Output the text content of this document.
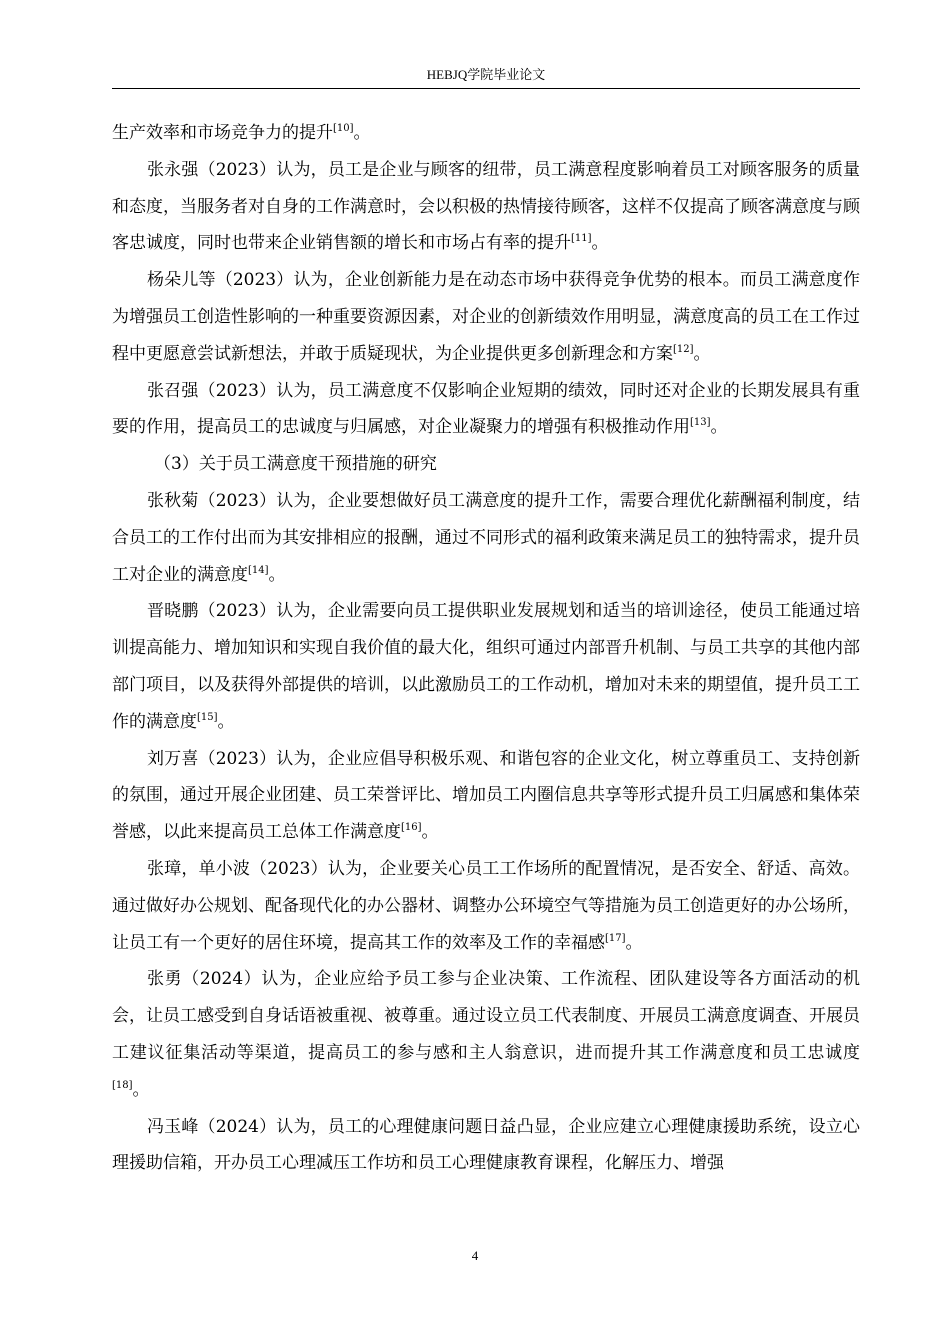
HEBJQ学院毕业论文

生产效率和市场竞争力的提升[10]。

张永强（2023）认为，员工是企业与顾客的纽带，员工满意程度影响着员工对顾客服务的质量和态度，当服务者对自身的工作满意时，会以积极的热情接待顾客，这样不仅提高了顾客满意度与顾客忠诚度，同时也带来企业销售额的增长和市场占有率的提升[11]。

杨朵儿等（2023）认为，企业创新能力是在动态市场中获得竞争优势的根本。而员工满意度作为增强员工创造性影响的一种重要资源因素，对企业的创新绩效作用明显，满意度高的员工在工作过程中更愿意尝试新想法，并敢于质疑现状，为企业提供更多创新理念和方案[12]。

张召强（2023）认为，员工满意度不仅影响企业短期的绩效，同时还对企业的长期发展具有重要的作用，提高员工的忠诚度与归属感，对企业凝聚力的增强有积极推动作用[13]。

（3）关于员工满意度干预措施的研究

张秋菊（2023）认为，企业要想做好员工满意度的提升工作，需要合理优化薪酬福利制度，结合员工的工作付出而为其安排相应的报酬，通过不同形式的福利政策来满足员工的独特需求，提升员工对企业的满意度[14]。

晋晓鹏（2023）认为，企业需要向员工提供职业发展规划和适当的培训途径，使员工能通过培训提高能力、增加知识和实现自我价值的最大化，组织可通过内部晋升机制、与员工共享的其他内部部门项目，以及获得外部提供的培训，以此激励员工的工作动机，增加对未来的期望值，提升员工工作的满意度[15]。

刘万喜（2023）认为，企业应倡导积极乐观、和谐包容的企业文化，树立尊重员工、支持创新的氛围，通过开展企业团建、员工荣誉评比、增加员工内圈信息共享等形式提升员工归属感和集体荣誉感，以此来提高员工总体工作满意度[16]。

张璋，单小波（2023）认为，企业要关心员工工作场所的配置情况，是否安全、舒适、高效。通过做好办公规划、配备现代化的办公器材、调整办公环境空气等措施为员工创造更好的办公场所，让员工有一个更好的居住环境，提高其工作的效率及工作的幸福感[17]。

张勇（2024）认为，企业应给予员工参与企业决策、工作流程、团队建设等各方面活动的机会，让员工感受到自身话语被重视、被尊重。通过设立员工代表制度、开展员工满意度调查、开展员工建议征集活动等渠道，提高员工的参与感和主人翁意识，进而提升其工作满意度和员工忠诚度[18]。

冯玉峰（2024）认为，员工的心理健康问题日益凸显，企业应建立心理健康援助系统，设立心理援助信箱，开办员工心理减压工作坊和员工心理健康教育课程，化解压力、增强

4
